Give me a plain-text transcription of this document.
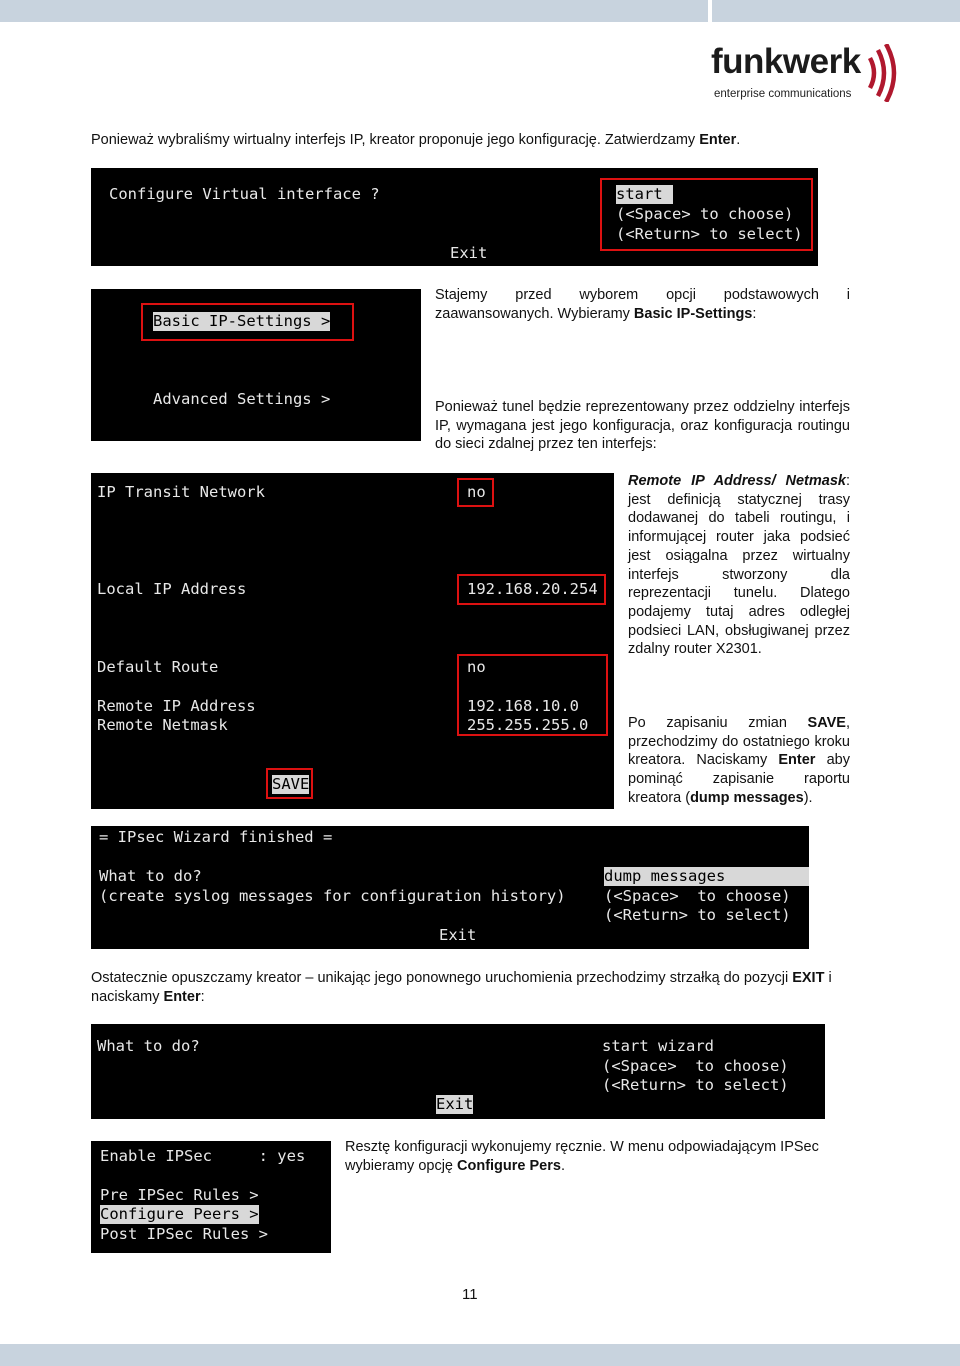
funkwerk
enterprise communications
Ponieważ wybraliśmy wirtualny interfejs IP, kreator proponuje jego konfigurację. Zatwierdzamy Enter.
Configure Virtual interface ?	start
(<Space> to choose)
(<Return> to select)
Exit
Basic IP-Settings >
Advanced Settings >
Stajemy przed wyborem opcji podstawowych i zaawansowanych. Wybieramy Basic IP-Settings:
Ponieważ tunel będzie reprezentowany przez oddzielny interfejs IP, wymagana jest jego konfiguracja, oraz konfiguracja routingu do sieci zdalnej przez ten interfejs:
IP Transit Network	no
Local IP Address	192.168.20.254
Default Route	no
Remote IP Address	192.168.10.0
Remote Netmask	255.255.255.0
SAVE
Remote IP Address/ Netmask: jest definicją statycznej trasy dodawanej do tabeli routingu, i informującej router jaka podsieć jest osiągalna przez wirtualny interfejs stworzony dla reprezentacji tunelu. Dlatego podajemy tutaj adres odległej podsieci LAN, obsługiwanej przez zdalny router X2301.
Po zapisaniu zmian SAVE, przechodzimy do ostatniego kroku kreatora. Naciskamy Enter aby pominąć zapisanie raportu kreatora (dump messages).
= IPsec Wizard finished =
What to do?
(create syslog messages for configuration history)
dump messages
(<Space>  to choose)
(<Return> to select)
Exit
Ostatecznie opuszczamy kreator – unikając jego ponownego uruchomienia przechodzimy strzałką do pozycji EXIT i naciskamy Enter:
What to do?	start wizard
(<Space>  to choose)
(<Return> to select)
Exit
Enable IPSec     : yes
Pre IPSec Rules >
Configure Peers >
Post IPSec Rules >
Resztę konfiguracji wykonujemy ręcznie. W menu odpowiadającym IPSec wybieramy opcję Configure Pers.
11
